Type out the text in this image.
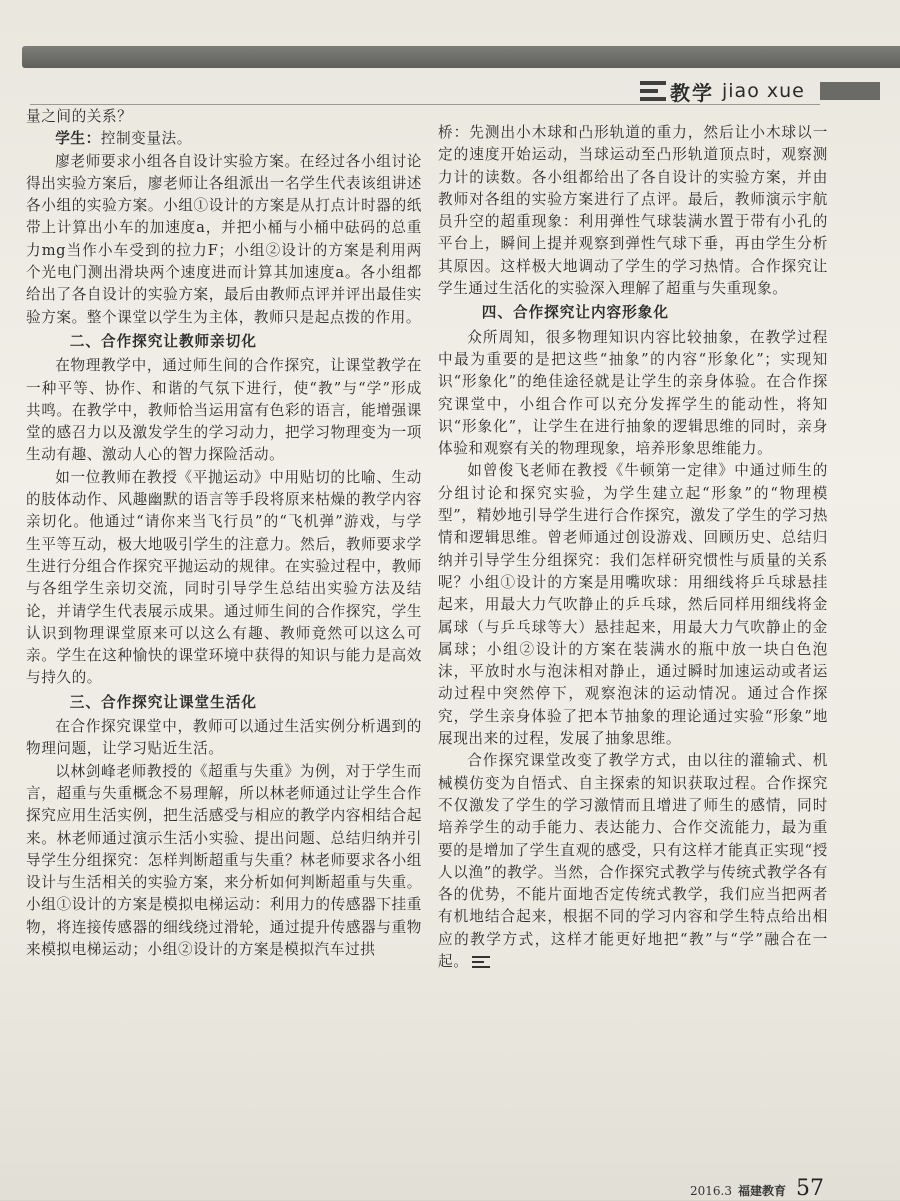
教学 jiao xue

量之间的关系？

学生：控制变量法。

廖老师要求小组各自设计实验方案。在经过各小组讨论得出实验方案后，廖老师让各组派出一名学生代表该组讲述各小组的实验方案。小组①设计的方案是从打点计时器的纸带上计算出小车的加速度a，并把小桶与小桶中砝码的总重力mg当作小车受到的拉力F；小组②设计的方案是利用两个光电门测出滑块两个速度进而计算其加速度a。各小组都给出了各自设计的实验方案，最后由教师点评并评出最佳实验方案。整个课堂以学生为主体，教师只是起点拨的作用。

二、合作探究让教师亲切化

在物理教学中，通过师生间的合作探究，让课堂教学在一种平等、协作、和谐的气氛下进行，使“教”与“学”形成共鸣。在教学中，教师恰当运用富有色彩的语言，能增强课堂的感召力以及激发学生的学习动力，把学习物理变为一项生动有趣、激动人心的智力探险活动。

如一位教师在教授《平抛运动》中用贴切的比喻、生动的肢体动作、风趣幽默的语言等手段将原来枯燥的教学内容亲切化。他通过“请你来当飞行员”的“飞机弹”游戏，与学生平等互动，极大地吸引学生的注意力。然后，教师要求学生进行分组合作探究平抛运动的规律。在实验过程中，教师与各组学生亲切交流，同时引导学生总结出实验方法及结论，并请学生代表展示成果。通过师生间的合作探究，学生认识到物理课堂原来可以这么有趣、教师竟然可以这么可亲。学生在这种愉快的课堂环境中获得的知识与能力是高效与持久的。

三、合作探究让课堂生活化

在合作探究课堂中，教师可以通过生活实例分析遇到的物理问题，让学习贴近生活。

以林剑峰老师教授的《超重与失重》为例，对于学生而言，超重与失重概念不易理解，所以林老师通过让学生合作探究应用生活实例，把生活感受与相应的教学内容相结合起来。林老师通过演示生活小实验、提出问题、总结归纳并引导学生分组探究：怎样判断超重与失重？林老师要求各小组设计与生活相关的实验方案，来分析如何判断超重与失重。小组①设计的方案是模拟电梯运动：利用力的传感器下挂重物，将连接传感器的细线绕过滑轮，通过提升传感器与重物来模拟电梯运动；小组②设计的方案是模拟汽车过拱

桥：先测出小木球和凸形轨道的重力，然后让小木球以一定的速度开始运动，当球运动至凸形轨道顶点时，观察测力计的读数。各小组都给出了各自设计的实验方案，并由教师对各组的实验方案进行了点评。最后，教师演示宇航员升空的超重现象：利用弹性气球装满水置于带有小孔的平台上，瞬间上提并观察到弹性气球下垂，再由学生分析其原因。这样极大地调动了学生的学习热情。合作探究让学生通过生活化的实验深入理解了超重与失重现象。

四、合作探究让内容形象化

众所周知，很多物理知识内容比较抽象，在教学过程中最为重要的是把这些“抽象”的内容“形象化”；实现知识“形象化”的绝佳途径就是让学生的亲身体验。在合作探究课堂中，小组合作可以充分发挥学生的能动性，将知识“形象化”，让学生在进行抽象的逻辑思维的同时，亲身体验和观察有关的物理现象，培养形象思维能力。

如曾俊飞老师在教授《牛顿第一定律》中通过师生的分组讨论和探究实验，为学生建立起“形象”的“物理模型”，精妙地引导学生进行合作探究，激发了学生的学习热情和逻辑思维。曾老师通过创设游戏、回顾历史、总结归纳并引导学生分组探究：我们怎样研究惯性与质量的关系呢？小组①设计的方案是用嘴吹球：用细线将乒乓球悬挂起来，用最大力气吹静止的乒乓球，然后同样用细线将金属球（与乒乓球等大）悬挂起来，用最大力气吹静止的金属球；小组②设计的方案在装满水的瓶中放一块白色泡沫，平放时水与泡沫相对静止，通过瞬时加速运动或者运动过程中突然停下，观察泡沫的运动情况。通过合作探究，学生亲身体验了把本节抽象的理论通过实验“形象”地展现出来的过程，发展了抽象思维。

合作探究课堂改变了教学方式，由以往的灌输式、机械模仿变为自悟式、自主探索的知识获取过程。合作探究不仅激发了学生的学习激情而且增进了师生的感情，同时培养学生的动手能力、表达能力、合作交流能力，最为重要的是增加了学生直观的感受，只有这样才能真正实现“授人以渔”的教学。当然，合作探究式教学与传统式教学各有各的优势，不能片面地否定传统式教学，我们应当把两者有机地结合起来，根据不同的学习内容和学生特点给出相应的教学方式，这样才能更好地把“教”与“学”融合在一起。

2016.3 福建教育 57
